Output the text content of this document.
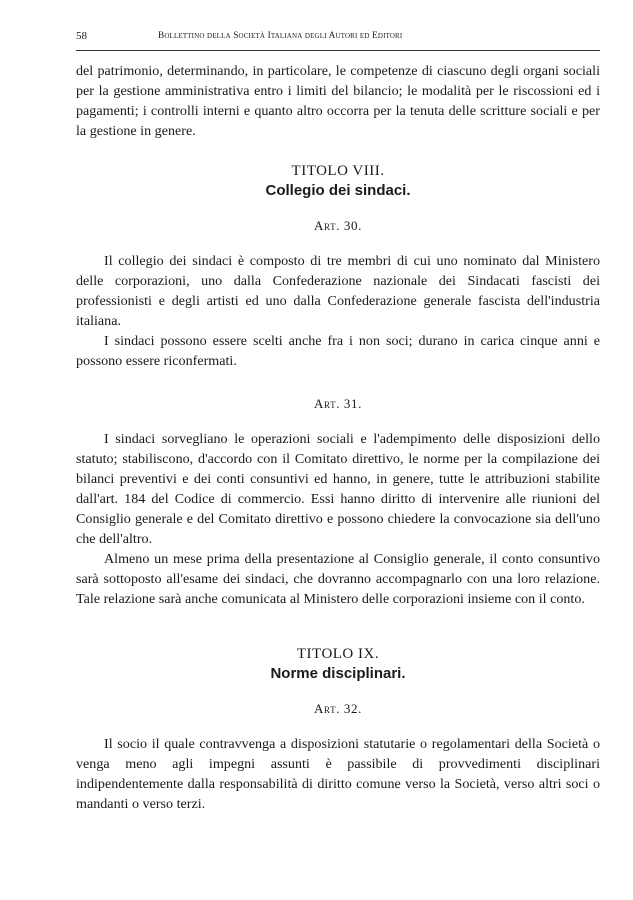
58	Bollettino della Società Italiana degli Autori ed Editori

del patrimonio, determinando, in particolare, le competenze di ciascuno degli organi sociali per la gestione amministrativa entro i limiti del bilancio; le modalità per le riscossioni ed i pagamenti; i controlli interni e quanto altro occorra per la tenuta delle scritture sociali e per la gestione in genere.

TITOLO VIII.
Collegio dei sindaci.
Art. 30.

Il collegio dei sindaci è composto di tre membri di cui uno nominato dal Ministero delle corporazioni, uno dalla Confederazione nazionale dei Sindacati fascisti dei professionisti e degli artisti ed uno dalla Confederazione generale fascista dell'industria italiana.

I sindaci possono essere scelti anche fra i non soci; durano in carica cinque anni e possono essere riconfermati.

Art. 31.

I sindaci sorvegliano le operazioni sociali e l'adempimento delle disposizioni dello statuto; stabiliscono, d'accordo con il Comitato direttivo, le norme per la compilazione dei bilanci preventivi e dei conti consuntivi ed hanno, in genere, tutte le attribuzioni stabilite dall'art. 184 del Codice di commercio. Essi hanno diritto di intervenire alle riunioni del Consiglio generale e del Comitato direttivo e possono chiedere la convocazione sia dell'uno che dell'altro.

Almeno un mese prima della presentazione al Consiglio generale, il conto consuntivo sarà sottoposto all'esame dei sindaci, che dovranno accompagnarlo con una loro relazione. Tale relazione sarà anche comunicata al Ministero delle corporazioni insieme con il conto.

TITOLO IX.
Norme disciplinari.
Art. 32.

Il socio il quale contravvenga a disposizioni statutarie o regolamentari della Società o venga meno agli impegni assunti è passibile di provvedimenti disciplinari indipendentemente dalla responsabilità di diritto comune verso la Società, verso altri soci o mandanti o verso terzi.
